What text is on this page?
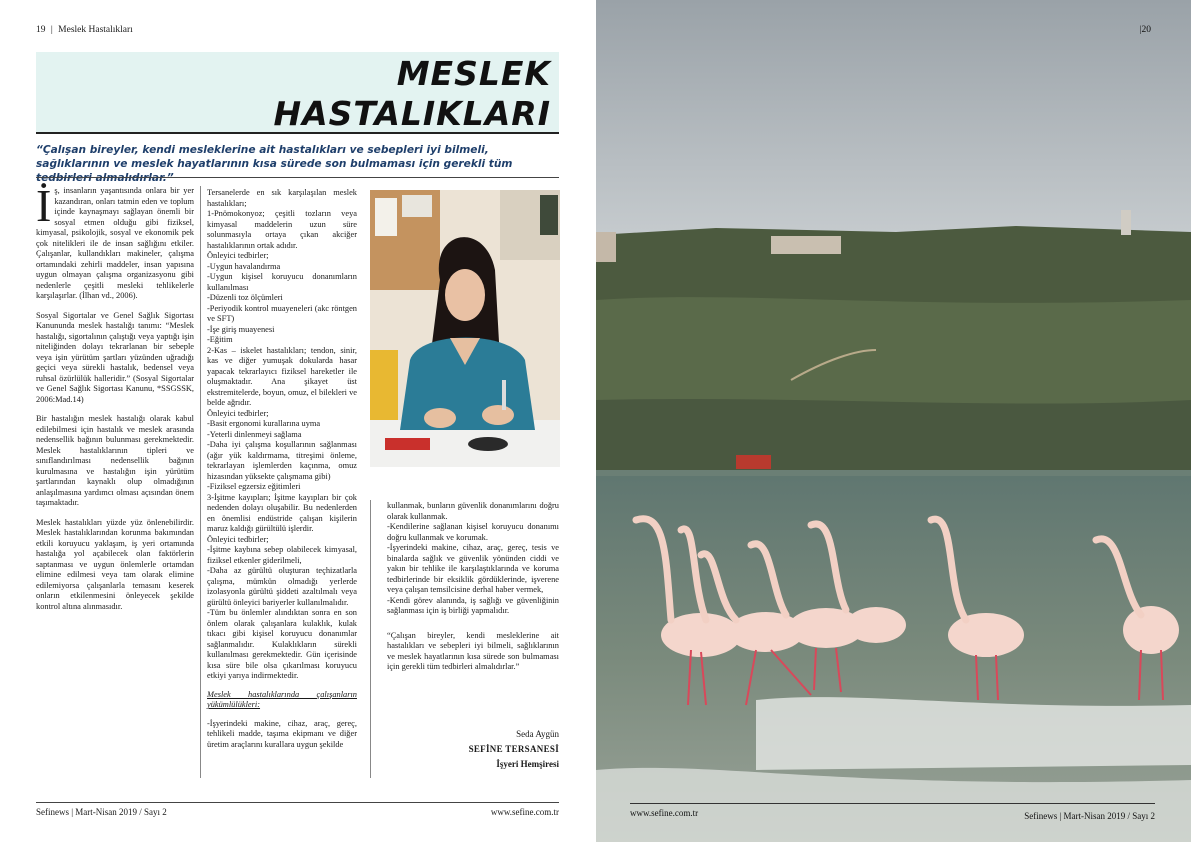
19 | Meslek Hastalıkları
MESLEK
HASTALIKLARI
“Çalışan bireyler, kendi mesleklerine ait hastalıkları ve sebepleri iyi bilmeli, sağlıklarının ve meslek hayatlarının kısa sürede son bulmaması için gerekli tüm tedbirleri almalıdırlar.”

İş, insanların yaşantısında onlara bir yer kazandıran, onları tatmin eden ve toplum içinde kaynaşmayı sağlayan önemli bir sosyal etmen olduğu gibi fiziksel, kimyasal, psikolojik, sosyal ve ekonomik pek çok nitelikleri ile de insan sağlığını etkiler. Çalışanlar, kullandıkları makineler, çalışma ortamındaki zehirli maddeler, insan yapısına uygun olmayan çalışma organizasyonu gibi nedenlerle çeşitli mesleki tehlikelerle karşılaşırlar. (İlhan vd., 2006).

Sosyal Sigortalar ve Genel Sağlık Sigortası Kanununda meslek hastalığı tanımı: “Meslek hastalığı, sigortalının çalıştığı veya yaptığı işin niteliğinden dolayı tekrarlanan bir sebeple veya işin yürütüm şartları yüzünden uğradığı geçici veya sürekli hastalık, bedensel veya ruhsal özürlülük halleridir.” (Sosyal Sigortalar ve Genel Sağlık Sigortası Kanunu, *SSGSSK, 2006:Mad.14)

Bir hastalığın meslek hastalığı olarak kabul edilebilmesi için hastalık ve meslek arasında nedensellik bağının bulunması gerekmektedir. Meslek hastalıklarının tipleri ve sınıflandırılması nedensellik bağının kurulmasına ve hastalığın işin yürütüm şartlarından kaynaklı olup olmadığının anlaşılmasına yardımcı olması açısından önem taşımaktadır.

Meslek hastalıkları yüzde yüz önlenebilirdir. Meslek hastalıklarından korunma bakımından etkili koruyucu yaklaşım, iş yeri ortamında hastalığa yol açabilecek olan faktörlerin saptanması ve uygun önlemlerle ortamdan elimine edilmesi veya tam olarak elimine edilemiyorsa çalışanlarla temasını keserek onların etkilenmesini önleyecek şekilde kontrol altına alınmasıdır.

Tersanelerde en sık karşılaşılan meslek hastalıkları;
1-Pnömokonyoz; çeşitli tozların veya kimyasal maddelerin uzun süre solunmasıyla ortaya çıkan akciğer hastalıklarının ortak adıdır.
Önleyici tedbirler;
-Uygun havalandırma
-Uygun kişisel koruyucu donanımların kullanılması
-Düzenli toz ölçümleri
-Periyodik kontrol muayeneleri (akc röntgen ve SFT)
-İşe giriş muayenesi
-Eğitim
2-Kas – iskelet hastalıkları; tendon, sinir, kas ve diğer yumuşak dokularda hasar yapacak tekrarlayıcı fiziksel hareketler ile oluşmaktadır. Ana şikayet üst ekstremitelerde, boyun, omuz, el bilekleri ve belde ağrıdır.
Önleyici tedbirler;
-Basit ergonomi kurallarına uyma
-Yeterli dinlenmeyi sağlama
-Daha iyi çalışma koşullarının sağlanması (ağır yük kaldırmama, titreşimi önleme, tekrarlayan işlemlerden kaçınma, omuz hizasından yüksekte çalışmama gibi)
-Fiziksel egzersiz eğitimleri
3-İşitme kayıpları; İşitme kayıpları bir çok nedenden dolayı oluşabilir. Bu nedenlerden en önemlisi endüstride çalışan kişilerin maruz kaldığı gürültülü işlerdir.
Önleyici tedbirler;
-İşitme kaybına sebep olabilecek kimyasal, fiziksel etkenler giderilmeli,
-Daha az gürültü oluşturan teçhizatlarla çalışma, mümkün olmadığı yerlerde izolasyonla gürültü şiddeti azaltılmalı veya gürültü önleyici bariyerler kullanılmalıdır.
-Tüm bu önlemler alındıktan sonra en son önlem olarak çalışanlara kulaklık, kulak tıkacı gibi kişisel koruyucu donanımlar sağlanmalıdır. Kulaklıkların sürekli kullanılması gerekmektedir. Gün içerisinde kısa süre bile olsa çıkarılması koruyucu etkiyi yarıya indirmektedir.
Meslek hastalıklarında çalışanların yükümlülükleri:
-İşyerindeki makine, cihaz, araç, gereç, tehlikeli madde, taşıma ekipmanı ve diğer üretim araçlarını kurallara uygun şekilde
kullanmak, bunların güvenlik donanımlarını doğru olarak kullanmak.
-Kendilerine sağlanan kişisel koruyucu donanımı doğru kullanmak ve korumak.
-İşyerindeki makine, cihaz, araç, gereç, tesis ve binalarda sağlık ve güvenlik yönünden ciddi ve yakın bir tehlike ile karşılaştıklarında ve koruma tedbirlerinde bir eksiklik gördüklerinde, işverene veya çalışan temsilcisine derhal haber vermek,
-Kendi görev alanında, iş sağlığı ve güvenliğinin sağlanması için iş birliği yapmalıdır.
“Çalışan bireyler, kendi mesleklerine ait hastalıkları ve sebepleri iyi bilmeli, sağlıklarının ve meslek hayatlarının kısa sürede son bulmaması için gerekli tüm tedbirleri almalıdırlar.”
Seda Aygün
SEFİNE TERSANESİ
İşyeri Hemşiresi
Sefinews | Mart-Nisan 2019 / Sayı 2	www.sefine.com.tr
|20
www.sefine.com.tr	Sefinews | Mart-Nisan 2019 / Sayı 2
